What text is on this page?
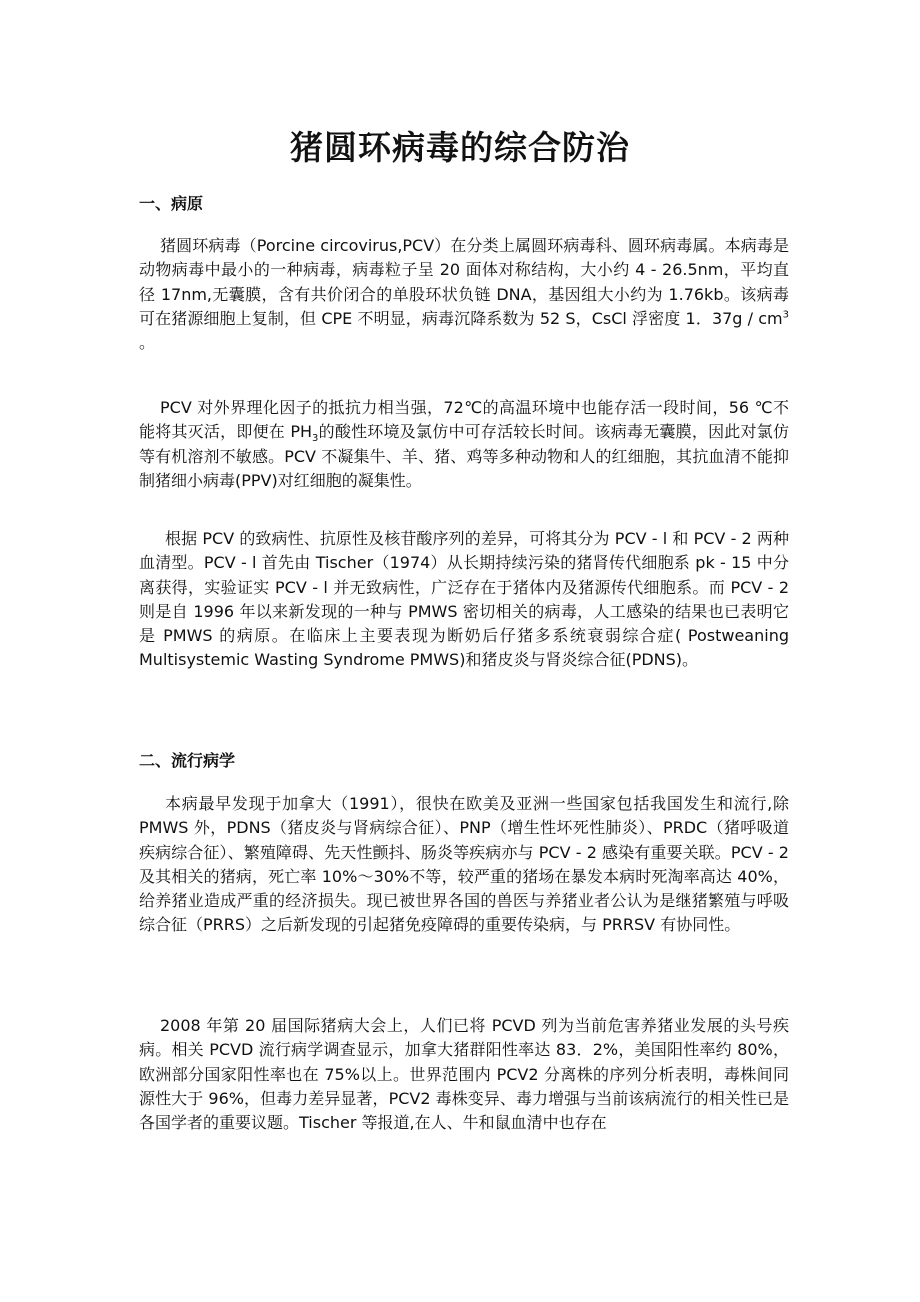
猪圆环病毒的综合防治
一、病原

猪圆环病毒（Porcine circovirus,PCV）在分类上属圆环病毒科、圆环病毒属。本病毒是动物病毒中最小的一种病毒，病毒粒子呈 20 面体对称结构，大小约 4 - 26.5nm，平均直径 17nm,无囊膜，含有共价闭合的单股环状负链 DNA，基因组大小约为 1.76kb。该病毒可在猪源细胞上复制，但 CPE 不明显，病毒沉降系数为 52 S，CsCl 浮密度 1．$37g / cm^3$ 。

PCV 对外界理化因子的抵抗力相当强，72℃的高温环境中也能存活一段时间，56 ℃不能将其灭活，即便在 $PH_3$的酸性环境及氯仿中可存活较长时间。该病毒无囊膜，因此对氯仿等有机溶剂不敏感。PCV 不凝集牛、羊、猪、鸡等多种动物和人的红细胞，其抗血清不能抑制猪细小病毒(PPV)对红细胞的凝集性。

根据 PCV 的致病性、抗原性及核苷酸序列的差异，可将其分为 PCV - l 和 PCV - 2 两种血清型。PCV - l 首先由 Tischer（1974）从长期持续污染的猪肾传代细胞系 pk - 15 中分离获得，实验证实 PCV - l 并无致病性，广泛存在于猪体内及猪源传代细胞系。而 PCV - 2 则是自 1996 年以来新发现的一种与 PMWS 密切相关的病毒，人工感染的结果也已表明它是 PMWS 的病原。在临床上主要表现为断奶后仔猪多系统衰弱综合症( Postweaning Multisystemic Wasting Syndrome PMWS)和猪皮炎与肾炎综合征(PDNS)。

二、流行病学

本病最早发现于加拿大（1991），很快在欧美及亚洲一些国家包括我国发生和流行,除 PMWS 外，PDNS（猪皮炎与肾病综合征）、PNP（增生性坏死性肺炎）、PRDC（猪呼吸道疾病综合征）、繁殖障碍、先天性颤抖、肠炎等疾病亦与 PCV - 2 感染有重要关联。PCV - 2 及其相关的猪病，死亡率 10%～30%不等，较严重的猪场在暴发本病时死淘率高达 40%，给养猪业造成严重的经济损失。现已被世界各国的兽医与养猪业者公认为是继猪繁殖与呼吸综合征（PRRS）之后新发现的引起猪免疫障碍的重要传染病，与 PRRSV 有协同性。

2008 年第 20 届国际猪病大会上，人们已将 PCVD 列为当前危害养猪业发展的头号疾病。相关 PCVD 流行病学调查显示，加拿大猪群阳性率达 83．2%，美国阳性率约 80%，欧洲部分国家阳性率也在 75%以上。世界范围内 PCV2 分离株的序列分析表明，毒株间同源性大于 96%，但毒力差异显著，PCV2 毒株变异、毒力增强与当前该病流行的相关性已是各国学者的重要议题。Tischer 等报道,在人、牛和鼠血清中也存在
